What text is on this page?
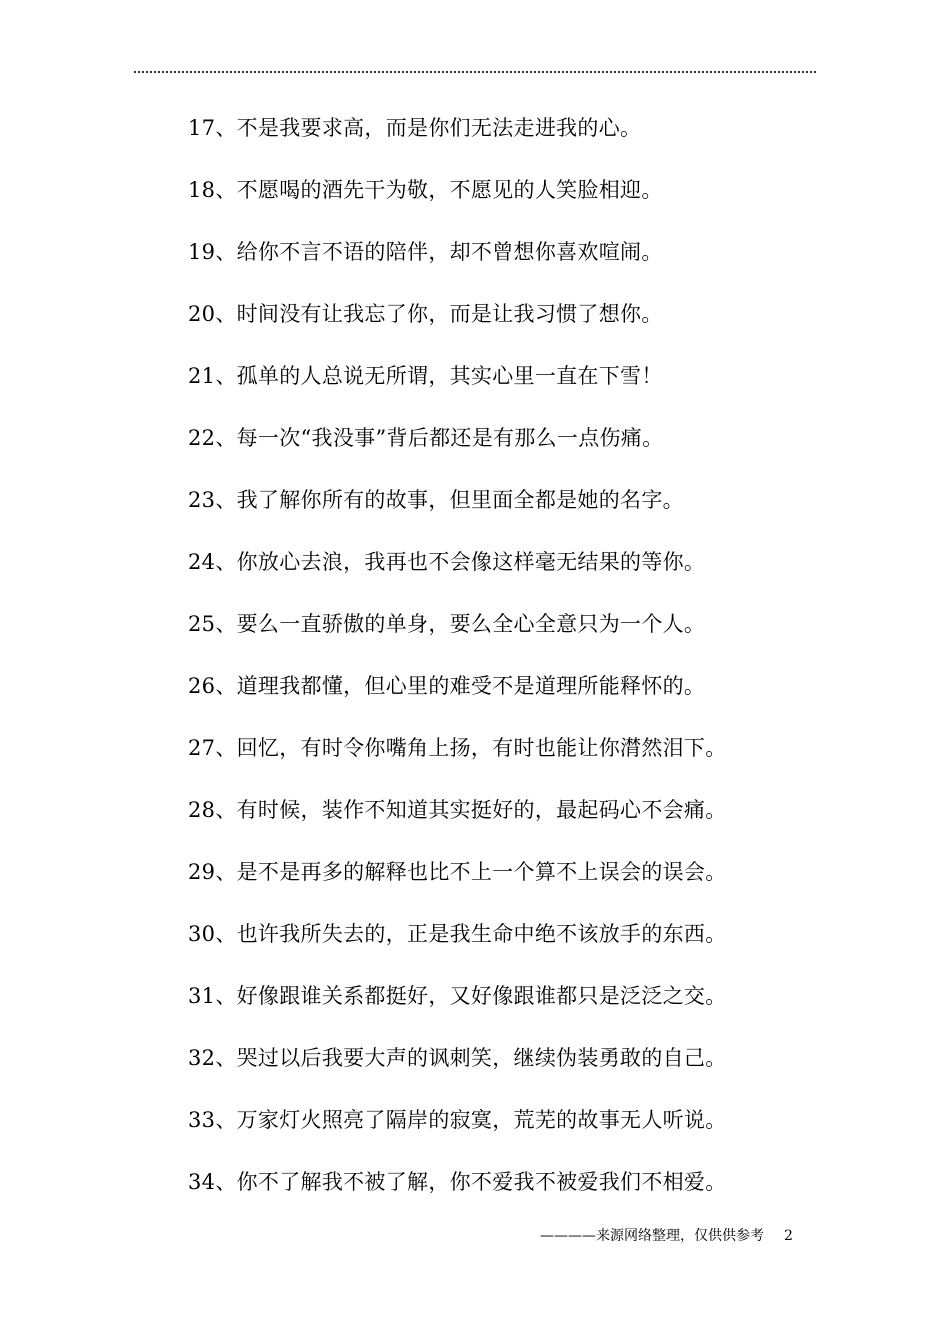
17、不是我要求高，而是你们无法走进我的心。
18、不愿喝的酒先干为敬，不愿见的人笑脸相迎。
19、给你不言不语的陪伴，却不曾想你喜欢喧闹。
20、时间没有让我忘了你，而是让我习惯了想你。
21、孤单的人总说无所谓，其实心里一直在下雪！
22、每一次“我没事”背后都还是有那么一点伤痛。
23、我了解你所有的故事，但里面全都是她的名字。
24、你放心去浪，我再也不会像这样毫无结果的等你。
25、要么一直骄傲的单身，要么全心全意只为一个人。
26、道理我都懂，但心里的难受不是道理所能释怀的。
27、回忆，有时令你嘴角上扬，有时也能让你潸然泪下。
28、有时候，装作不知道其实挺好的，最起码心不会痛。
29、是不是再多的解释也比不上一个算不上误会的误会。
30、也许我所失去的，正是我生命中绝不该放手的东西。
31、好像跟谁关系都挺好，又好像跟谁都只是泛泛之交。
32、哭过以后我要大声的讽刺笑，继续伪装勇敢的自己。
33、万家灯火照亮了隔岸的寂寞，荒芜的故事无人听说。
34、你不了解我不被了解，你不爱我不被爱我们不相爱。
————来源网络整理，仅供供参考 2
